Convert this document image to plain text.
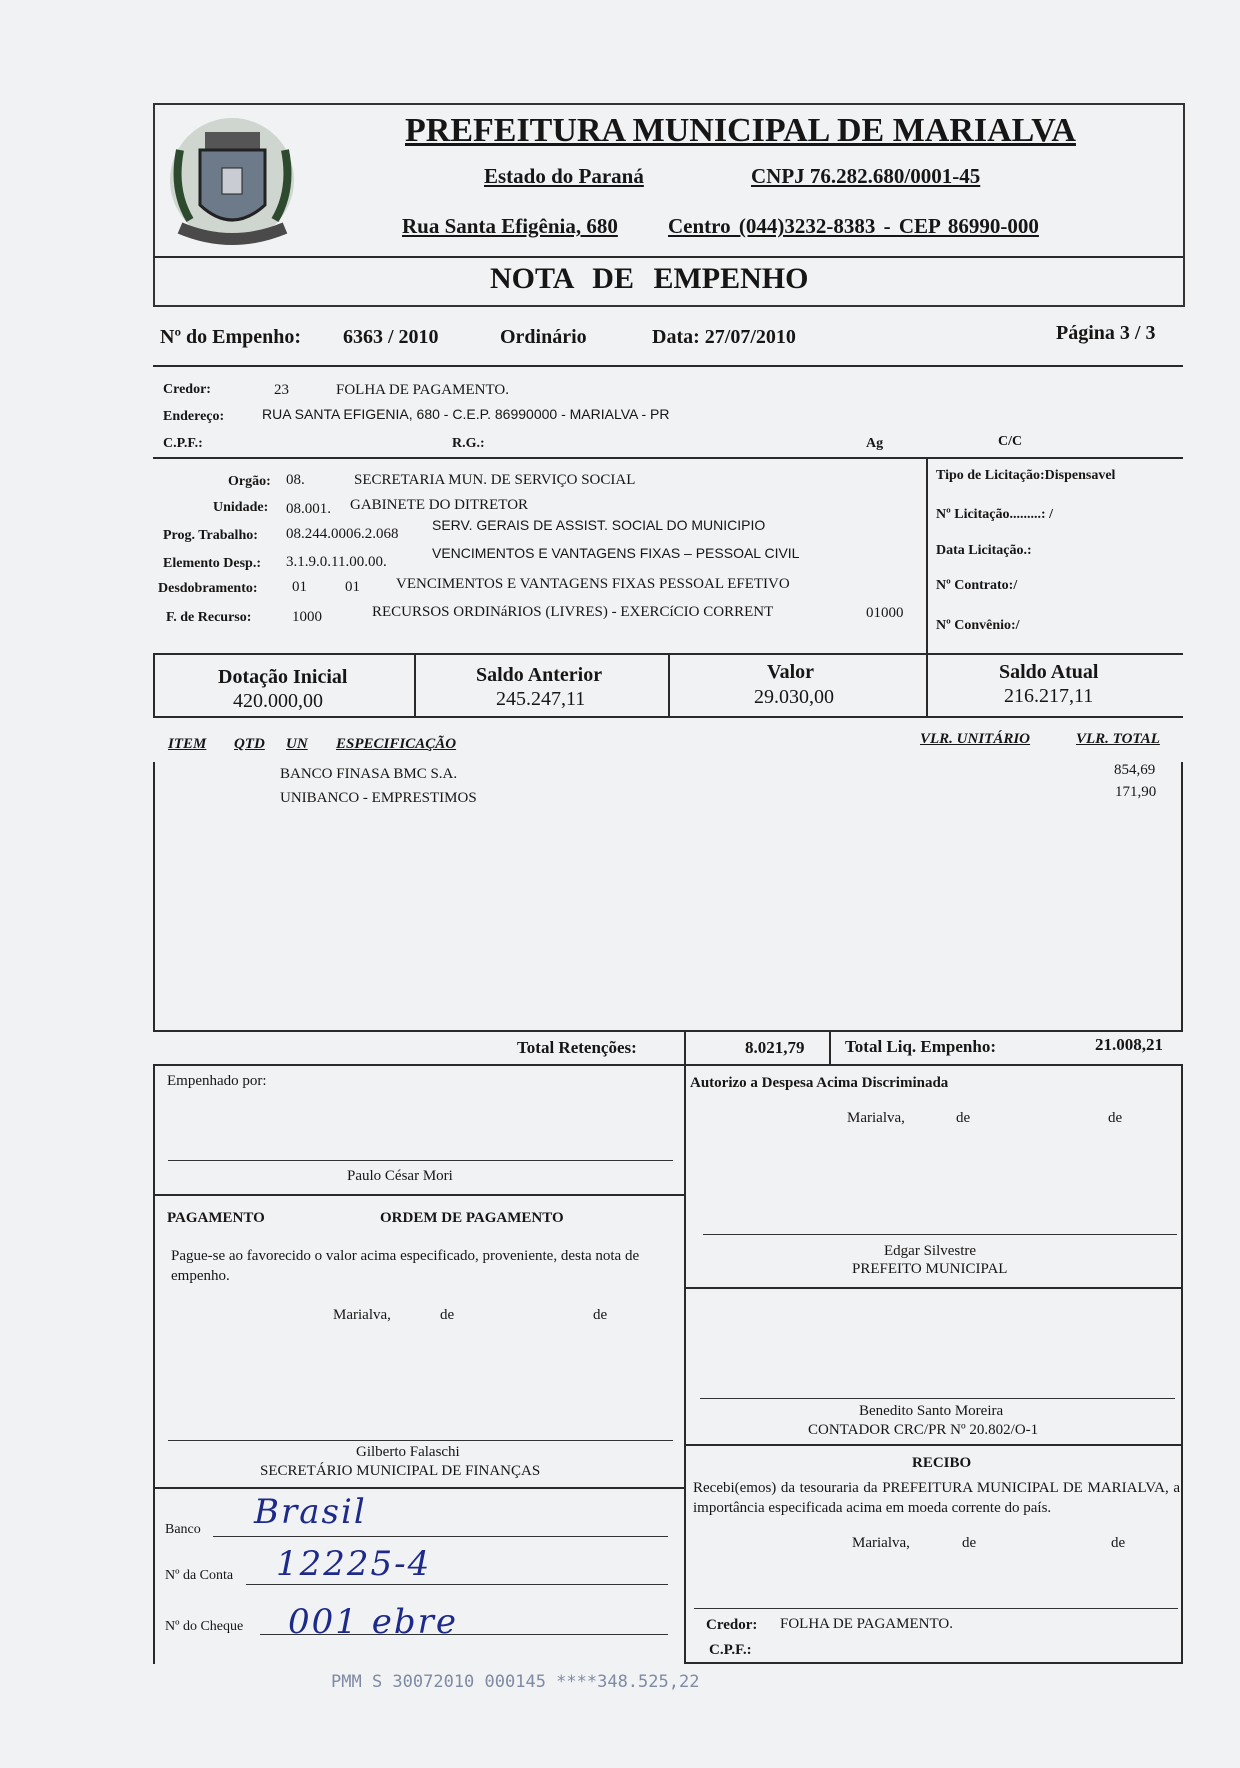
PREFEITURA MUNICIPAL DE MARIALVA
Estado do Paraná	CNPJ 76.282.680/0001-45
Rua Santa Efigênia, 680 Centro (044)3232-8383 - CEP 86990-000
NOTA DE EMPENHO
Nº do Empenho: 6363 / 2010	Ordinário	Data: 27/07/2010	Página 3 / 3
Credor:	23	FOLHA DE PAGAMENTO.
Endereço:	RUA SANTA EFIGENIA, 680 - C.E.P. 86990000 - MARIALVA - PR
C.P.F.:	R.G.:	Ag	C/C
Orgão: 08.	SECRETARIA MUN. DE SERVIÇO SOCIAL
Unidade: 08.001. GABINETE DO DITRETOR
Prog. Trabalho: 08.244.0006.2.068
SERV. GERAIS DE ASSIST. SOCIAL DO MUNICIPIO
Elemento Desp.: 3.1.9.0.11.00.00.
VENCIMENTOS E VANTAGENS FIXAS – PESSOAL CIVIL
Desdobramento: 01	01 VENCIMENTOS E VANTAGENS FIXAS PESSOAL EFETIVO
F. de Recurso:	1000	RECURSOS ORDINáRIOS (LIVRES) - EXERCíCIO CORRENT	01000
Tipo de Licitação:Dispensavel
Nº Licitação.........: /
Data Licitação.:
Nº Contrato:/
Nº Convênio:/
Dotação Inicial
420.000,00
Saldo Anterior
245.247,11
Valor
29.030,00
Saldo Atual
216.217,11
ITEM QTD UN ESPECIFICAÇÃO	VLR. UNITÁRIO	VLR. TOTAL
BANCO FINASA BMC S.A.	854,69
UNIBANCO - EMPRESTIMOS	171,90
Total Retenções:	8.021,79 Total Liq. Empenho:	21.008,21
Empenhado por:
Paulo César Mori
Autorizo a Despesa Acima Discriminada
Marialva,	de	de
Edgar Silvestre
PREFEITO MUNICIPAL
Benedito Santo Moreira
CONTADOR CRC/PR Nº 20.802/O-1
PAGAMENTO	ORDEM DE PAGAMENTO
Pague-se ao favorecido o valor acima especificado, proveniente, desta nota de empenho.
Marialva,	de	de
Gilberto Falaschi
SECRETÁRIO MUNICIPAL DE FINANÇAS
Banco Brasil
Nº da Conta 12225-4
Nº do Cheque 001 ebre
RECIBO
Recebi(emos) da tesouraria da PREFEITURA MUNICIPAL DE MARIALVA, a importância especificada acima em moeda corrente do país.
Marialva,	de	de
Credor: FOLHA DE PAGAMENTO.
C.P.F.:
PMM S 30072010 000145 ****348.525,22
